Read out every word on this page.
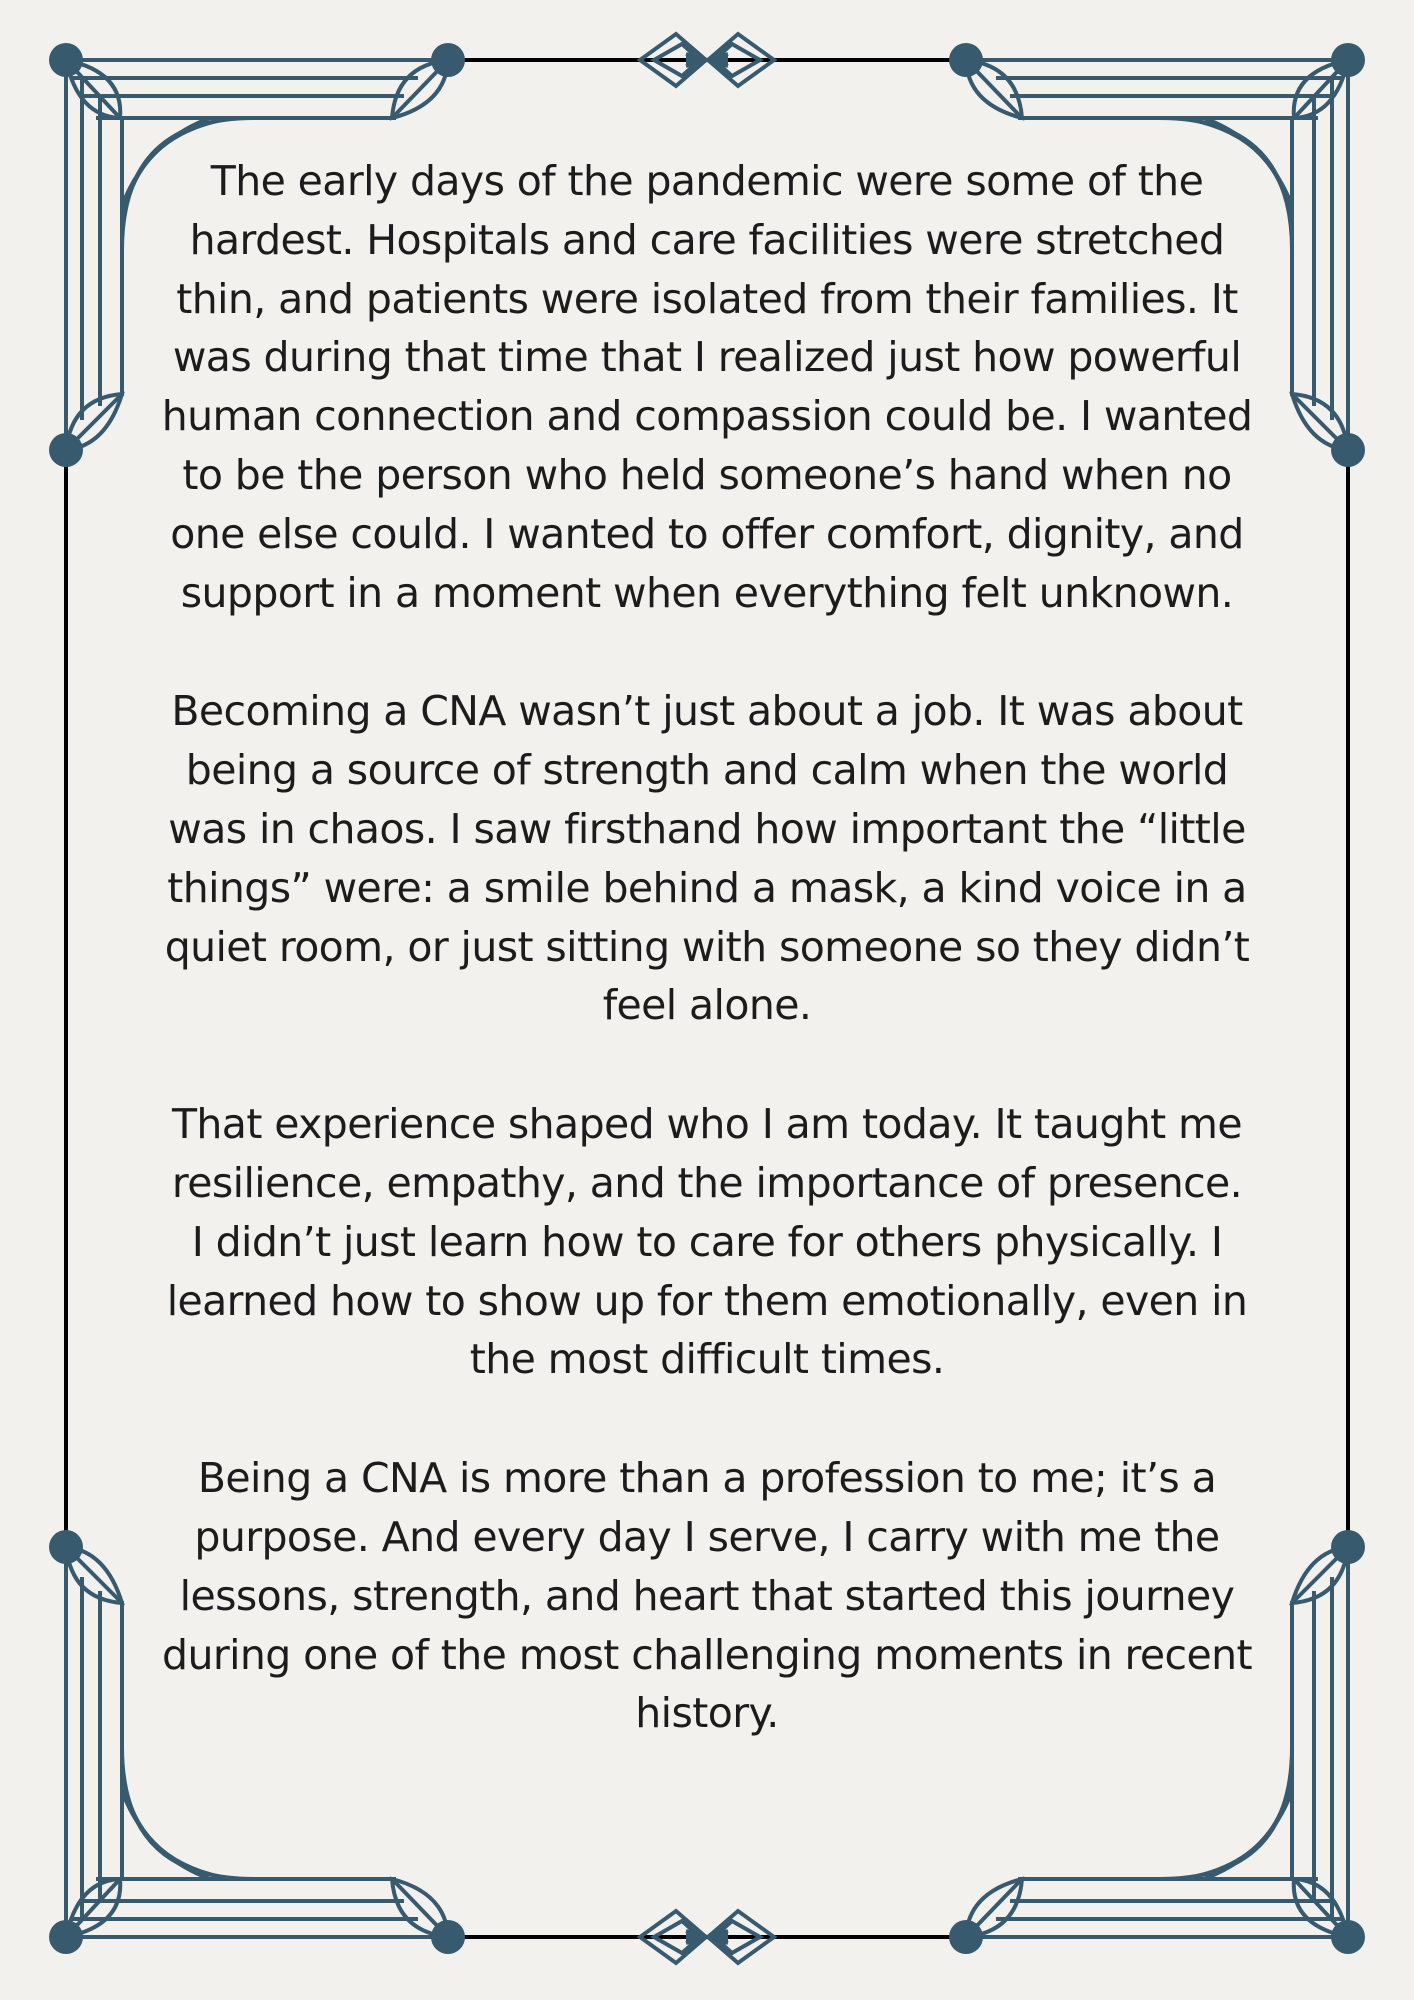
The early days of the pandemic were some of the hardest. Hospitals and care facilities were stretched thin, and patients were isolated from their families. It was during that time that I realized just how powerful human connection and compassion could be. I wanted to be the person who held someone’s hand when no one else could. I wanted to offer comfort, dignity, and support in a moment when everything felt unknown.

Becoming a CNA wasn’t just about a job. It was about being a source of strength and calm when the world was in chaos. I saw firsthand how important the “little things” were: a smile behind a mask, a kind voice in a quiet room, or just sitting with someone so they didn’t feel alone.

That experience shaped who I am today. It taught me resilience, empathy, and the importance of presence. I didn’t just learn how to care for others physically. I learned how to show up for them emotionally, even in the most difficult times.

Being a CNA is more than a profession to me; it’s a purpose. And every day I serve, I carry with me the lessons, strength, and heart that started this journey during one of the most challenging moments in recent history.
